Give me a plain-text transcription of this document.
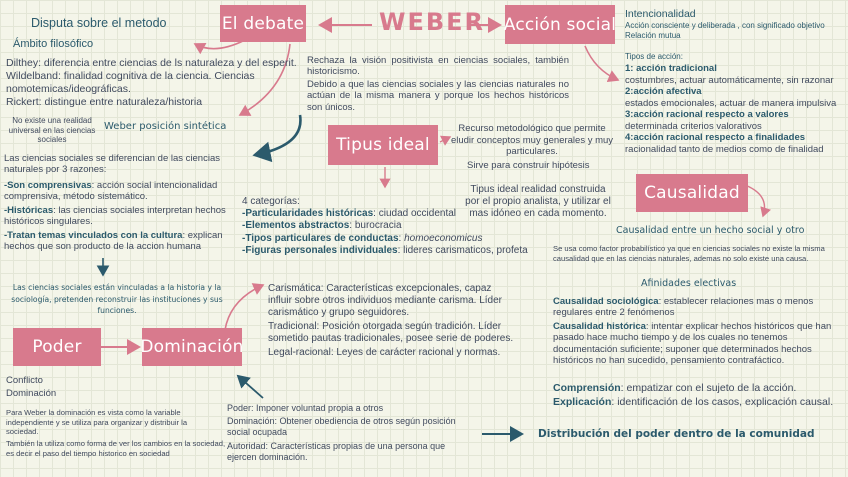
WEBER
El debate	Acción social
Tipus ideal
Causalidad
Poder	Dominación
Disputa sobre el metodo
Ámbito filosófico
Dilthey: diferencia entre ciencias de ls naturaleza y del esperit.
Wildelband: finalidad cognitiva de la ciencia. Ciencias nomotemicas/ideográficas.
Rickert: distingue entre naturaleza/historia
No existe una realidad universal en las ciencias sociales
Weber posición sintética
Rechaza la visión positivista en ciencias sociales, también historicismo.
Debido a que las ciencias sociales y las ciencias naturales no actúan de la misma manera y porque los hechos históricos son únicos.
Las ciencias sociales se diferencian de las ciencias naturales por 3 razones:
-Son comprensivas: acción social intencionalidad comprensiva, método sistemático.
-Históricas: las ciencias sociales interpretan hechos históricos singulares.
-Tratan temas vinculados con la cultura: explican hechos que son producto de la accion humana
Las ciencias sociales están vinculadas a la historia y la sociología, pretenden reconstruir las instituciones y sus funciones.
Intencionalidad
Acción consciente y deliberada , con significado objetivo
Relación mutua
Tipos de acción:
1: acción tradicional
costumbres, actuar automáticamente, sin razonar
2:acción afectiva
estados emocionales, actuar de manera impulsiva
3:acción racional respecto a valores
determinada criterios valorativos
4:acción racional respecto a finalidades
racionalidad tanto de medios como de finalidad
Recurso metodológico que permite eludir conceptos muy generales y muy particulares.
Sirve para construir hipótesis
Tipus ideal realidad construida por el propio analista, y utilizar el mas idóneo en cada momento.
4 categorías:
-Particularidades históricas: ciudad occidental
-Elementos abstractos: burocracia
-Tipos particulares de conductas: homoeconomicus
-Figuras personales individuales: lideres carismaticos, profeta
Causalidad entre un hecho social y otro
Se usa como factor probabilístico ya que en ciencias sociales no existe la misma causalidad que en las ciencias naturales, ademas no solo existe una causa.
Afinidades electivas
Causalidad sociológica: establecer relaciones mas o menos regulares entre 2 fenómenos
Causalidad histórica: intentar explicar hechos históricos que han pasado hace mucho tiempo y de los cuales no tenemos documentación suficiente; suponer que determinados hechos históricos no han sucedido, pensamiento contrafáctico.
Comprensión: empatizar con el sujeto de la acción.
Explicación: identificación de los casos, explicación causal.
Carismática: Características excepcionales, capaz influir sobre otros individuos mediante carisma. Líder carismático y grupo seguidores.
Tradicional: Posición otorgada según tradición. Líder sometido pautas tradicionales, posee serie de poderes.
Legal-racional: Leyes de carácter racional y normas.
Conflicto
Dominación
Para Weber la dominación es vista como la variable independiente y se utiliza para organizar y distribuir la sociedad.
También la utiliza como forma de ver los cambios en la sociedad, es decir el paso del tiempo historico en sociedad
Poder: Imponer voluntad propia a otros
Dominación: Obtener obediencia de otros según posición social ocupada
Autoridad: Características propias de una persona que ejercen dominación.
Distribución del poder dentro de la comunidad
